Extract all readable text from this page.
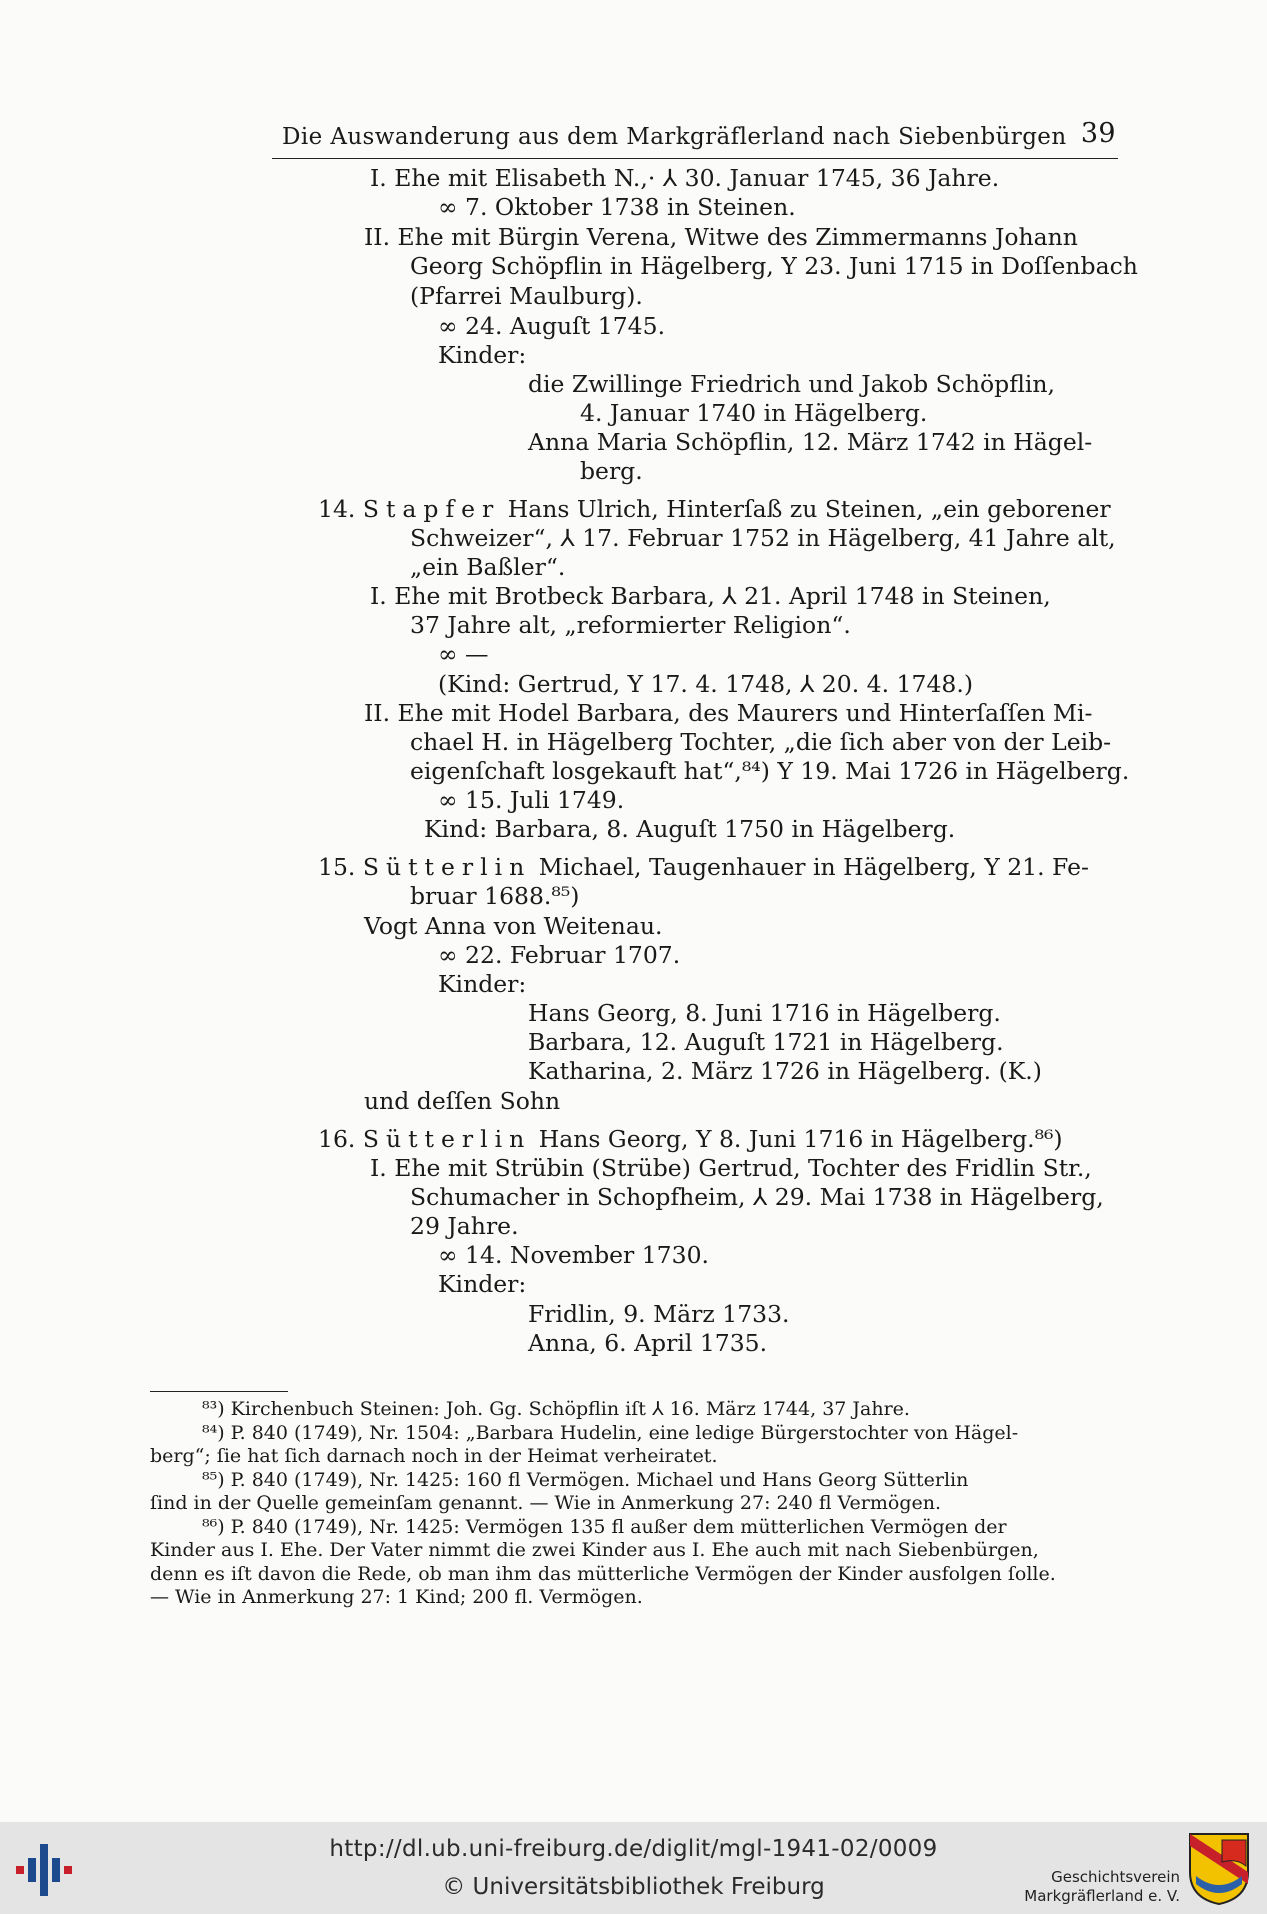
Die Auswanderung aus dem Markgräflerland nach Siebenbürgen 39
I. Ehe mit Elisabeth N.,· ⅄ 30. Januar 1745, 36 Jahre.
∞ 7. Oktober 1738 in Steinen.
II. Ehe mit Bürgin Verena, Witwe des Zimmermanns Johann
Georg Schöpflin in Hägelberg, Y 23. Juni 1715 in Doſſenbach
(Pfarrei Maulburg).
∞ 24. Auguſt 1745.
Kinder:
die Zwillinge Friedrich und Jakob Schöpflin,
4. Januar 1740 in Hägelberg.
Anna Maria Schöpflin, 12. März 1742 in Hägel-
berg.
14. Stapfer Hans Ulrich, Hinterſaß zu Steinen, „ein geborener
Schweizer“, ⅄ 17. Februar 1752 in Hägelberg, 41 Jahre alt,
„ein Baßler“.
I. Ehe mit Brotbeck Barbara, ⅄ 21. April 1748 in Steinen,
37 Jahre alt, „reformierter Religion“.
∞ —
(Kind: Gertrud, Y 17. 4. 1748, ⅄ 20. 4. 1748.)
II. Ehe mit Hodel Barbara, des Maurers und Hinterſaſſen Mi-
chael H. in Hägelberg Tochter, „die ſich aber von der Leib-
eigenſchaft losgekauft hat“,⁸⁴) Y 19. Mai 1726 in Hägelberg.
∞ 15. Juli 1749.
Kind: Barbara, 8. Auguſt 1750 in Hägelberg.
15. Sütterlin Michael, Taugenhauer in Hägelberg, Y 21. Fe-
bruar 1688.⁸⁵)
Vogt Anna von Weitenau.
∞ 22. Februar 1707.
Kinder:
Hans Georg, 8. Juni 1716 in Hägelberg.
Barbara, 12. Auguſt 1721 in Hägelberg.
Katharina, 2. März 1726 in Hägelberg. (K.)
und deſſen Sohn
16. Sütterlin Hans Georg, Y 8. Juni 1716 in Hägelberg.⁸⁶)
I. Ehe mit Strübin (Strübe) Gertrud, Tochter des Fridlin Str.,
Schumacher in Schopfheim, ⅄ 29. Mai 1738 in Hägelberg,
29 Jahre.
∞ 14. November 1730.
Kinder:
Fridlin, 9. März 1733.
Anna, 6. April 1735.
⁸³) Kirchenbuch Steinen: Joh. Gg. Schöpflin iſt ⅄ 16. März 1744, 37 Jahre.
⁸⁴) P. 840 (1749), Nr. 1504: „Barbara Hudelin, eine ledige Bürgerstochter von Hägel-
berg“; ſie hat ſich darnach noch in der Heimat verheiratet.
⁸⁵) P. 840 (1749), Nr. 1425: 160 fl Vermögen. Michael und Hans Georg Sütterlin
ſind in der Quelle gemeinſam genannt. — Wie in Anmerkung 27: 240 fl Vermögen.
⁸⁶) P. 840 (1749), Nr. 1425: Vermögen 135 fl außer dem mütterlichen Vermögen der
Kinder aus I. Ehe. Der Vater nimmt die zwei Kinder aus I. Ehe auch mit nach Siebenbürgen,
denn es iſt davon die Rede, ob man ihm das mütterliche Vermögen der Kinder ausfolgen ſolle.
— Wie in Anmerkung 27: 1 Kind; 200 fl. Vermögen.
http://dl.ub.uni-freiburg.de/diglit/mgl-1941-02/0009
© Universitätsbibliothek Freiburg	Geschichtsverein
Markgräflerland e. V.
